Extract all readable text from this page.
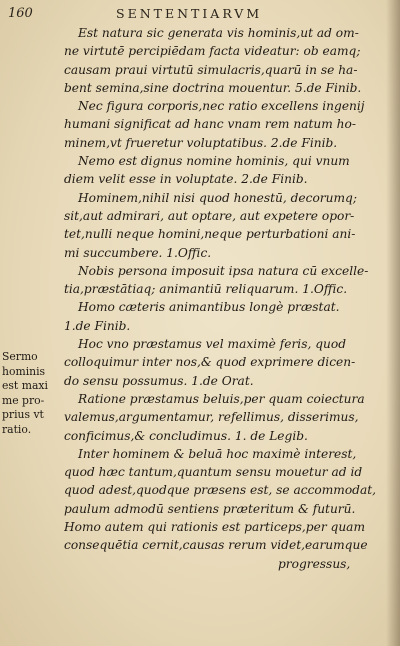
160	SENTENTIARVM
Est natura sic generata vis hominis,ut ad om-
ne virtutē percipiēdam facta videatur: ob eamq;
causam praui virtutū simulacris,quarū in se ha-
bent semina,sine doctrina mouentur. 5.de Finib.
Nec figura corporis,nec ratio excellens ingenij
humani significat ad hanc vnam rem natum ho-
minem,vt frueretur voluptatibus. 2.de Finib.
Nemo est dignus nomine hominis, qui vnum
diem velit esse in voluptate. 2.de Finib.
Hominem,nihil nisi quod honestū, decorumq;
sit,aut admirari, aut optare, aut expetere opor-
tet,nulli neque homini,neque perturbationi ani-
mi succumbere. 1.Offic.
Nobis persona imposuit ipsa natura cū excelle-
tia,præstātiaq; animantiū reliquarum. 1.Offic.
Homo cæteris animantibus longè præstat.
1.de Finib.
Hoc vno præstamus vel maximè feris, quod
colloquimur inter nos,& quod exprimere dicen-
do sensu possumus. 1.de Orat.
Ratione præstamus beluis,per quam coiectura
valemus,argumentamur, refellimus, disserimus,
conficimus,& concludimus. 1. de Legib.
Inter hominem & beluā hoc maximè interest,
quod hæc tantum,quantum sensu mouetur ad id
quod adest,quodque præsens est, se accommodat,
paulum admodū sentiens præteritum & futurū.
Homo autem qui rationis est particeps,per quam
consequētia cernit,causas rerum videt,earumque
progressus,
Sermo
hominis
est maxi
me pro-
prius vt
ratio.
